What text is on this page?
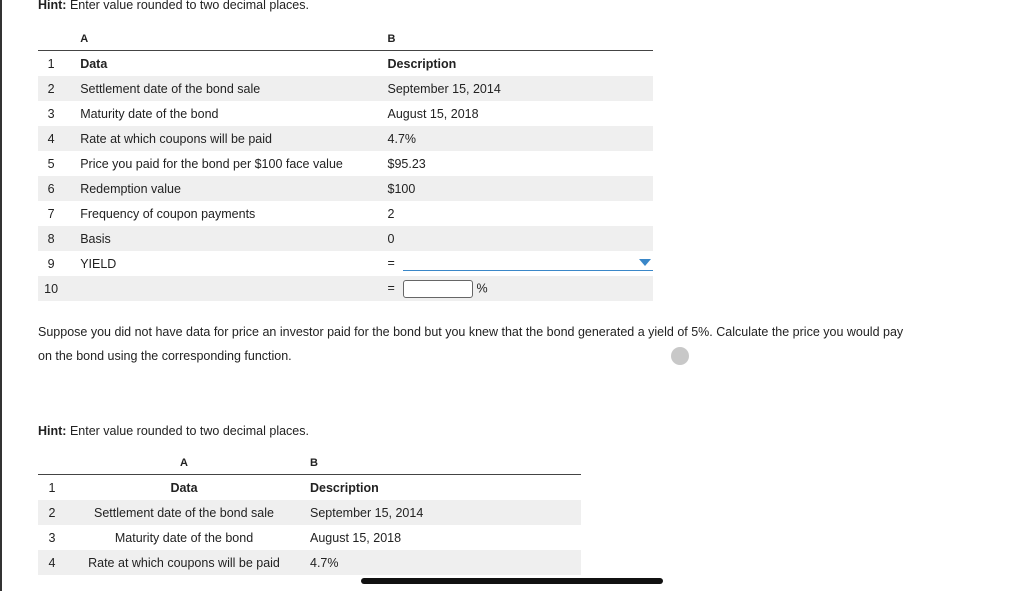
Hint: Enter value rounded to two decimal places.
	A	B
1	Data	Description
2	Settlement date of the bond sale	September 15, 2014
3	Maturity date of the bond	August 15, 2018
4	Rate at which coupons will be paid	4.7%
5	Price you paid for the bond per $100 face value	$95.23
6	Redemption value	$100
7	Frequency of coupon payments	2
8	Basis	0
9	YIELD	=

10		= %
Suppose you did not have data for price an investor paid for the bond but you knew that the bond generated a yield of 5%. Calculate the price you would pay on the bond using the corresponding function.
Hint: Enter value rounded to two decimal places.
	A	B
1	Data	Description
2	Settlement date of the bond sale	September 15, 2014
3	Maturity date of the bond	August 15, 2018
4	Rate at which coupons will be paid	4.7%
